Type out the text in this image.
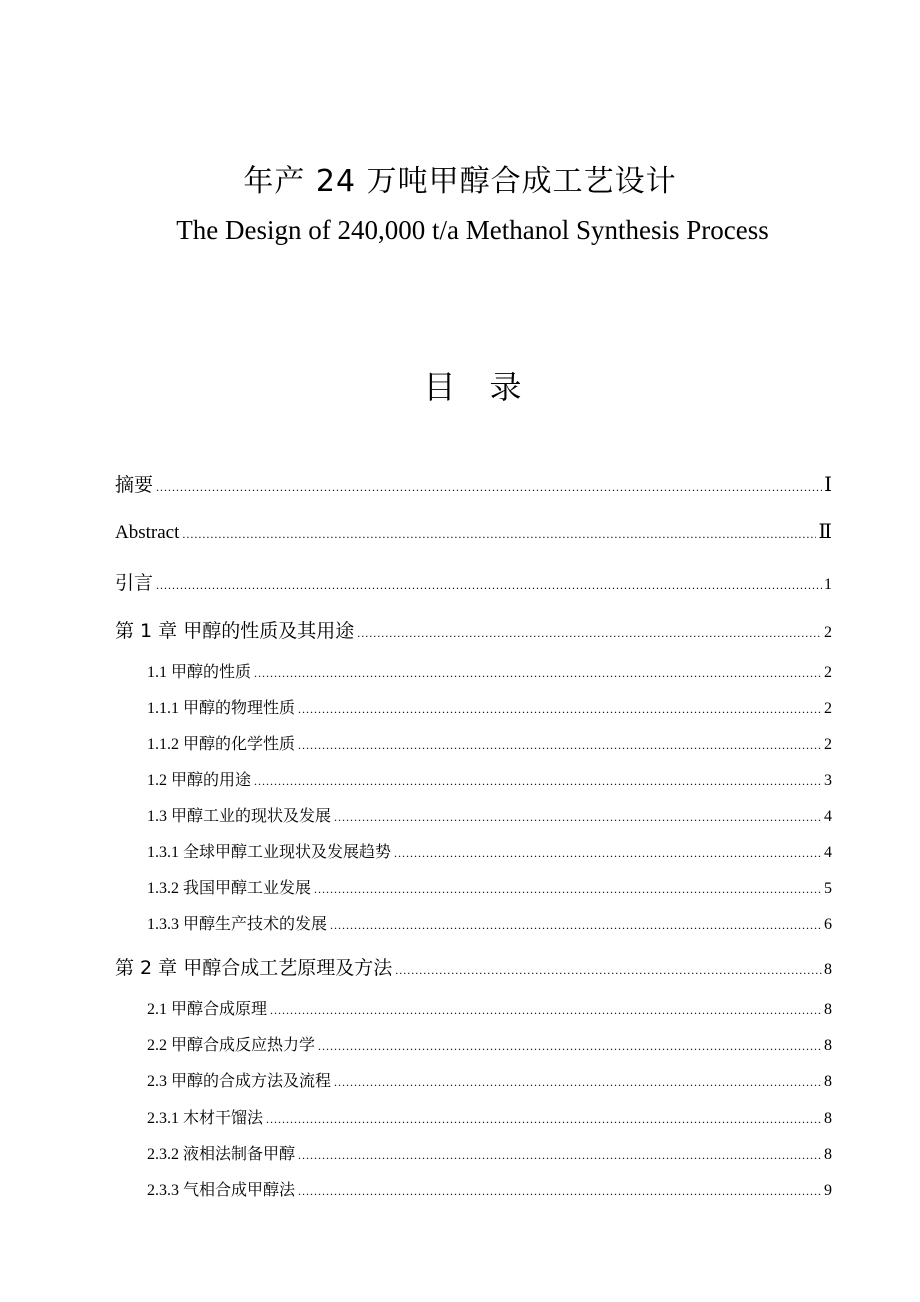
年产 24 万吨甲醇合成工艺设计
The Design of 240,000 t/a Methanol Synthesis Process
目录
摘要 .....	Ⅰ
Abstract .....	Ⅱ
引言 .....	1
第 1 章 甲醇的性质及其用途 .....	2
1.1 甲醇的性质 .....	2
1.1.1 甲醇的物理性质 .....	2
1.1.2 甲醇的化学性质 .....	2
1.2 甲醇的用途 .....	3
1.3 甲醇工业的现状及发展 .....	4
1.3.1 全球甲醇工业现状及发展趋势 .....	4
1.3.2 我国甲醇工业发展 .....	5
1.3.3 甲醇生产技术的发展 .....	6
第 2 章 甲醇合成工艺原理及方法 .....	8
2.1 甲醇合成原理 .....	8
2.2 甲醇合成反应热力学 .....	8
2.3 甲醇的合成方法及流程 .....	8
2.3.1 木材干馏法 .....	8
2.3.2 液相法制备甲醇 .....	8
2.3.3 气相合成甲醇法 .....	9
